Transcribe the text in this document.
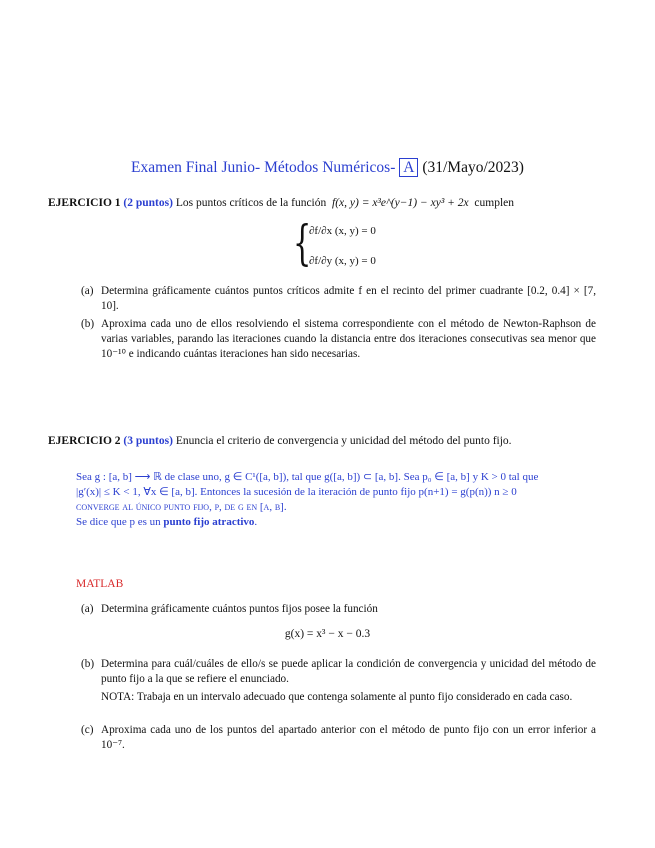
Examen Final Junio- Métodos Numéricos- A (31/Mayo/2023)
EJERCICIO 1 (2 puntos) Los puntos críticos de la función f(x, y) = x³e^(y−1) − xy³ + 2x cumplen
{
∂f/∂x (x, y) = 0
∂f/∂y (x, y) = 0
(a) Determina gráficamente cuántos puntos críticos admite f en el recinto del primer cuadrante [0.2, 0.4] × [7, 10].
(b) Aproxima cada uno de ellos resolviendo el sistema correspondiente con el método de Newton-Raphson de varias variables, parando las iteraciones cuando la distancia entre dos iteraciones consecutivas sea menor que 10⁻¹⁰ e indicando cuántas iteraciones han sido necesarias.
EJERCICIO 2 (3 puntos) Enuncia el criterio de convergencia y unicidad del método del punto fijo.
Sea g : [a, b] ⟶ ℝ de clase uno, g ∈ C¹([a, b]), tal que g([a, b]) ⊂ [a, b]. Sea p₀ ∈ [a, b] y K > 0 tal que
|g′(x)| ≤ K < 1, ∀x ∈ [a, b]. Entonces la sucesión de la iteración de punto fijo p(n+1) = g(p(n)) n ≥ 0
converge al único punto fijo, p, de g en [a, b].
Se dice que p es un punto fijo atractivo.
MATLAB
(a) Determina gráficamente cuántos puntos fijos posee la función
g(x) = x³ − x − 0.3
(b) Determina para cuál/cuáles de ello/s se puede aplicar la condición de convergencia y unicidad del método de punto fijo a la que se refiere el enunciado.
NOTA: Trabaja en un intervalo adecuado que contenga solamente al punto fijo considerado en cada caso.
(c) Aproxima cada uno de los puntos del apartado anterior con el método de punto fijo con un error inferior a 10⁻⁷.
